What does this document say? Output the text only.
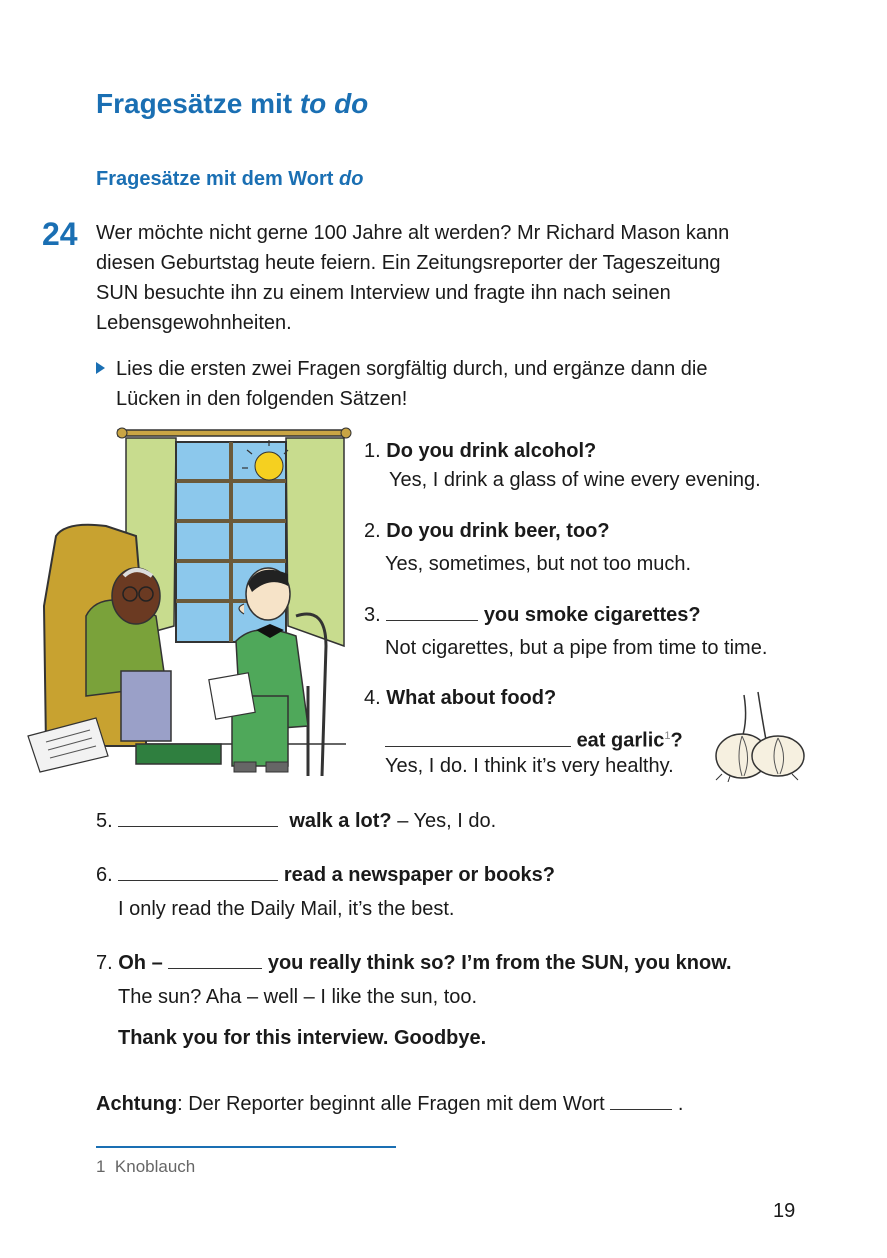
Fragesätze mit to do
Fragesätze mit dem Wort do
24 Wer möchte nicht gerne 100 Jahre alt werden? Mr Richard Mason kann

diesen Geburtstag heute feiern. Ein Zeitungsreporter der Tageszeitung

SUN besuchte ihn zu einem Interview und fragte ihn nach seinen

Lebensgewohnheiten.

Lies die ersten zwei Fragen sorgfältig durch, und ergänze dann die
Lücken in den folgenden Sätzen!
1. Do you drink alcohol?
Yes, I drink a glass of wine every evening.
2. Do you drink beer, too?
Yes, sometimes, but not too much.
3.	you smoke cigarettes?
Not cigarettes, but a pipe from time to time.
4. What about food?
eat garlic$^1$?
Yes, I do. I think it’s very healthy.
5.	walk a lot? – Yes, I do.
6.	read a newspaper or books?
I only read the Daily Mail, it’s the best.
7. Oh –	you really think so? I’m from the SUN, you know.
The sun? Aha – well – I like the sun, too.
Thank you for this interview. Goodbye.
Achtung: Der Reporter beginnt alle Fragen mit dem Wort	.
1 Knoblauch
19
